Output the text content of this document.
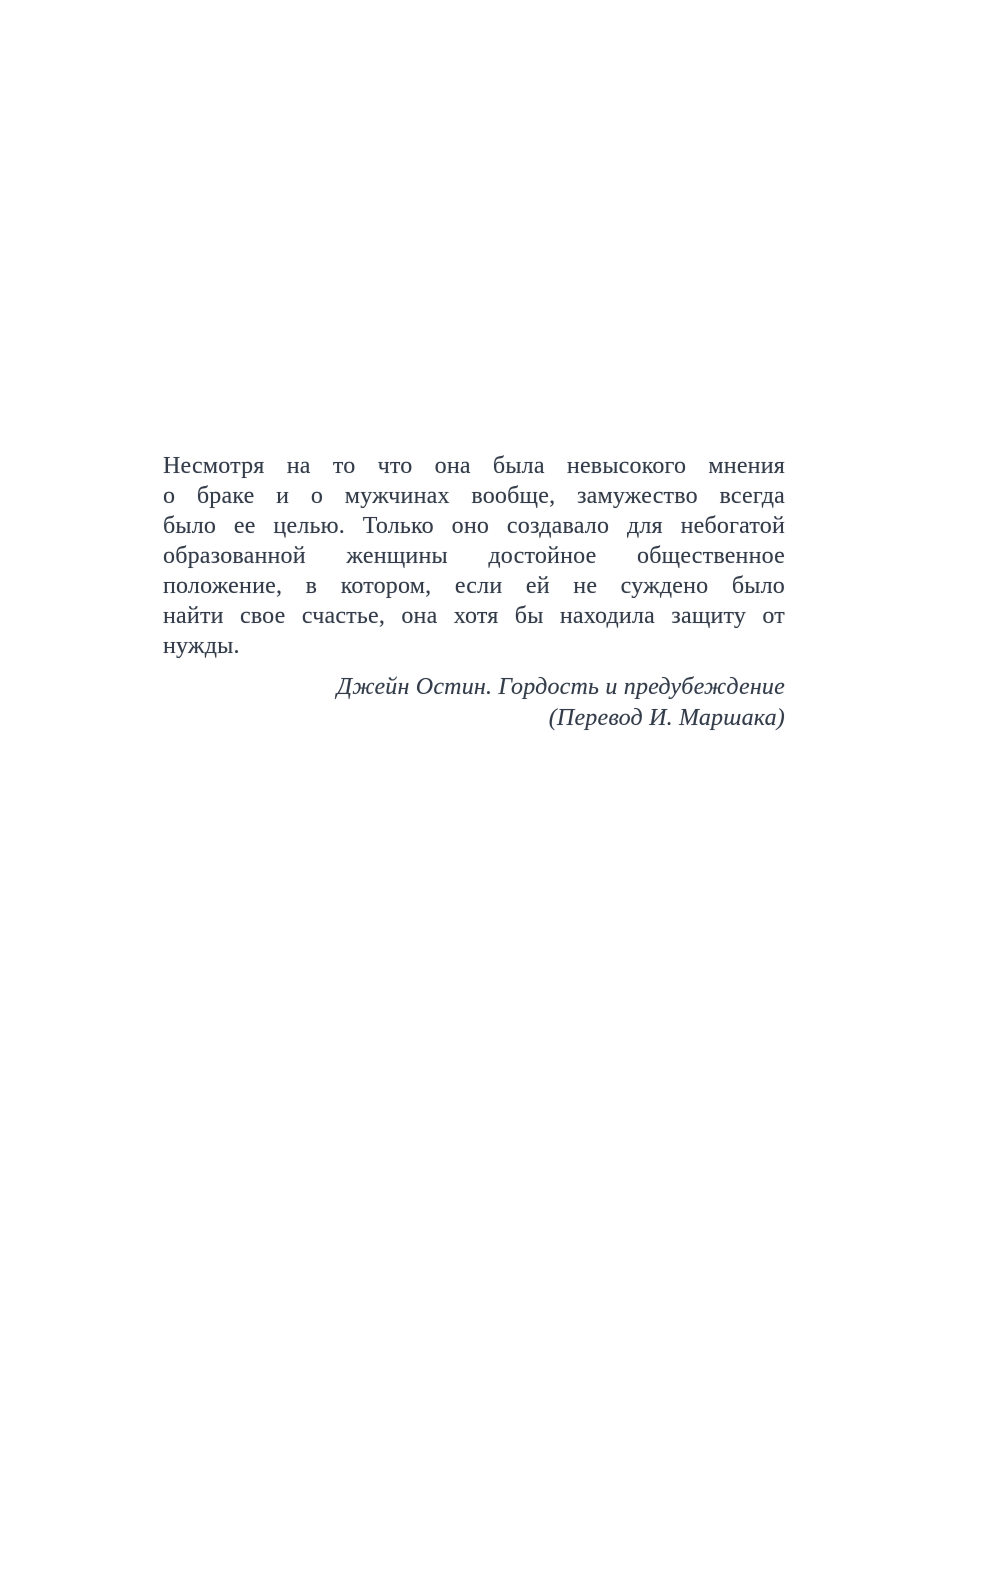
Несмотря на то что она была невысокого мнения
о браке и о мужчинах вообще, замужество всегда
было ее целью. Только оно создавало для небогатой
образованной женщины достойное общественное
положение, в котором, если ей не суждено было
найти свое счастье, она хотя бы находила защиту от
нужды.
Джейн Остин. Гордость и предубеждение
(Перевод И. Маршака)
